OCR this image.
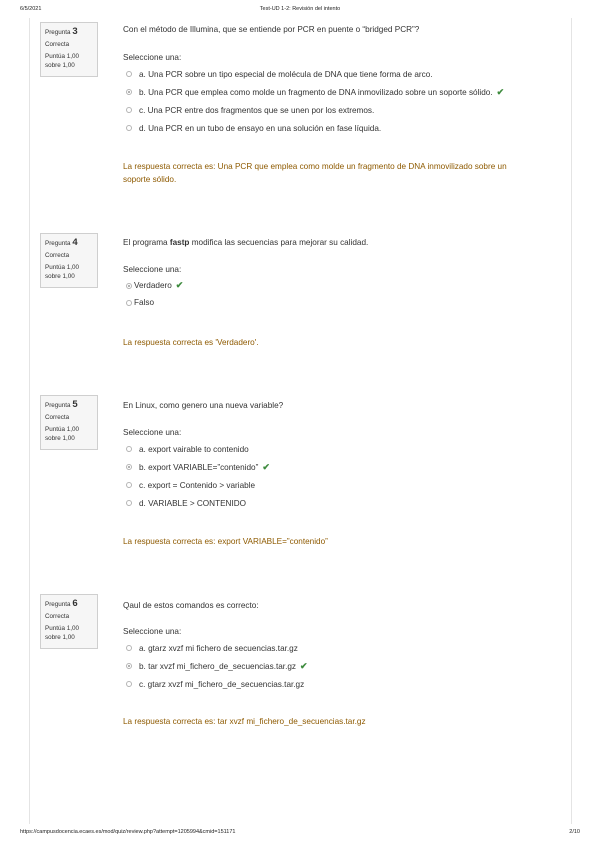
6/5/2021	Test-UD 1-2: Revisión del intento
Pregunta 3
Correcta
Puntúa 1,00
sobre 1,00
Con el método de Illumina, que se entiende por PCR en puente o “bridged PCR”?
Seleccione una:
a. Una PCR sobre un tipo especial de molécula de DNA que tiene forma de arco.
b. Una PCR que emplea como molde un fragmento de DNA inmovilizado sobre un soporte sólido. ✔
c. Una PCR entre dos fragmentos que se unen por los extremos.
d. Una PCR en un tubo de ensayo en una solución en fase líquida.
La respuesta correcta es: Una PCR que emplea como molde un fragmento de DNA inmovilizado sobre un
soporte sólido.
Pregunta 4
Correcta
Puntúa 1,00
sobre 1,00
El programa fastp modifica las secuencias para mejorar su calidad.
Seleccione una:
Verdadero ✔
Falso
La respuesta correcta es 'Verdadero'.
Pregunta 5
Correcta
Puntúa 1,00
sobre 1,00
En Linux, como genero una nueva variable?
Seleccione una:
a. export vairable to contenido
b. export VARIABLE=”contenido” ✔
c. export = Contenido > variable
d. VARIABLE > CONTENIDO
La respuesta correcta es: export VARIABLE=”contenido”
Pregunta 6
Correcta
Puntúa 1,00
sobre 1,00
Qaul de estos comandos es correcto:
Seleccione una:
a. gtarz xvzf mi fichero de secuencias.tar.gz
b. tar xvzf mi_fichero_de_secuencias.tar.gz ✔
c. gtarz xvzf mi_fichero_de_secuencias.tar.gz
La respuesta correcta es: tar xvzf mi_fichero_de_secuencias.tar.gz
https://campusdocencia.ecaes.es/mod/quiz/review.php?attempt=1205994&cmid=151171	2/10
